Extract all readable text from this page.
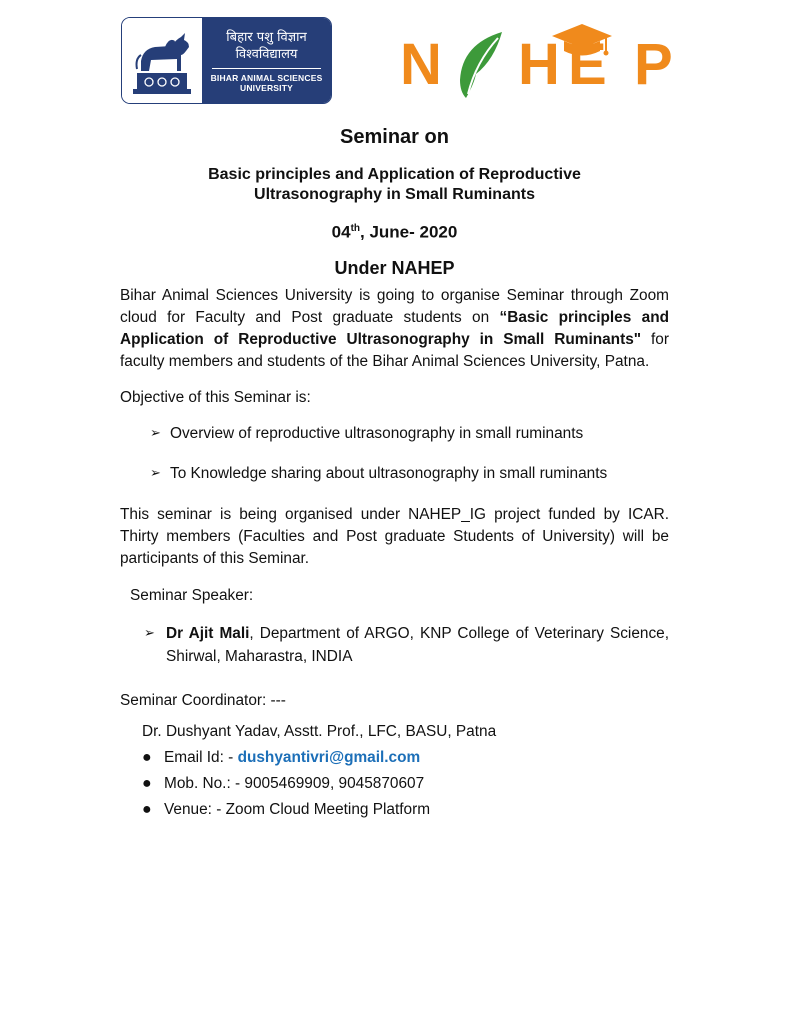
बिहार पशु विज्ञान
विश्वविद्यालय
BIHAR ANIMAL SCIENCES
UNIVERSITY N H E P
Seminar on
Basic principles and Application of Reproductive
Ultrasonography in Small Ruminants
04th, June- 2020
Under NAHEP

Bihar Animal Sciences University is going to organise Seminar through Zoom cloud for Faculty and Post graduate students on “Basic principles and Application of Reproductive Ultrasonography in Small Ruminants" for faculty members and students of the Bihar Animal Sciences University, Patna.

Objective of this Seminar is:
➢ Overview of reproductive ultrasonography in small ruminants
➢ To Knowledge sharing about ultrasonography in small ruminants

This seminar is being organised under NAHEP_IG project funded by ICAR. Thirty members (Faculties and Post graduate Students of University) will be participants of this Seminar.

Seminar Speaker:
➢ Dr Ajit Mali, Department of ARGO, KNP College of Veterinary Science, Shirwal, Maharastra, INDIA
Seminar Coordinator: ---
Dr. Dushyant Yadav, Asstt. Prof., LFC, BASU, Patna
● Email Id: - dushyantivri@gmail.com
● Mob. No.: - 9005469909, 9045870607
● Venue: - Zoom Cloud Meeting Platform
